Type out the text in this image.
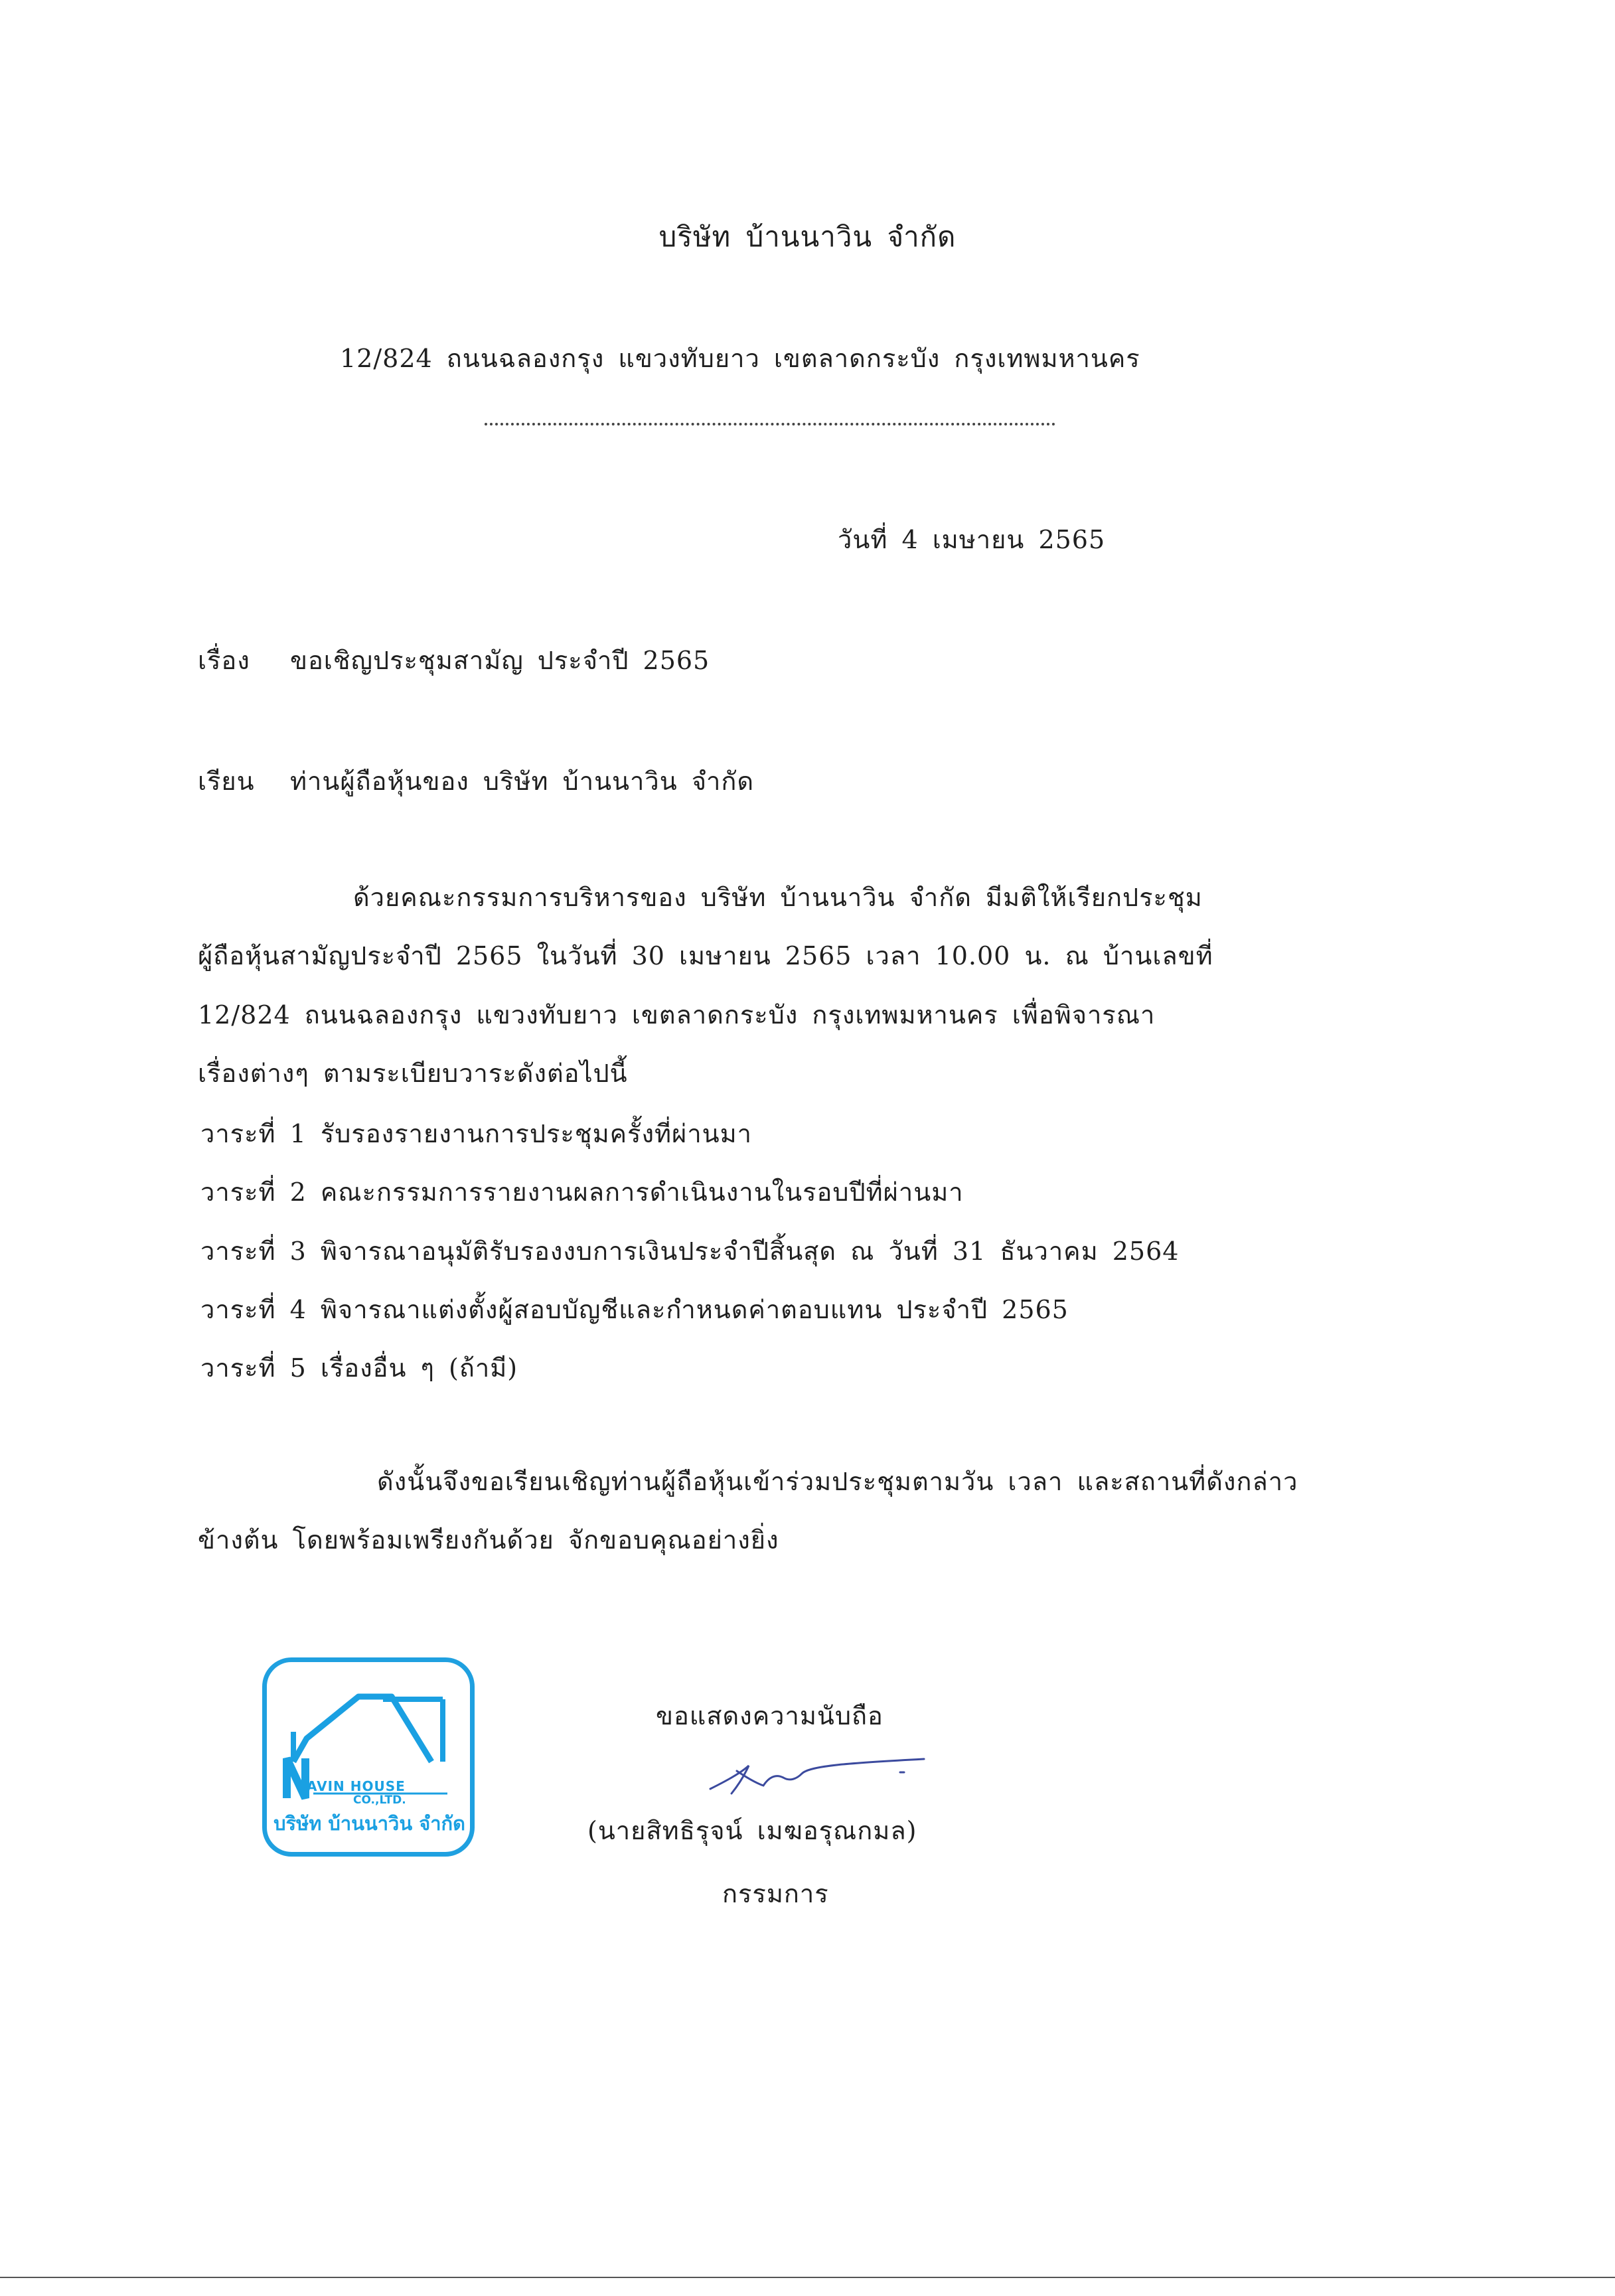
บริษัท บ้านนาวิน จำกัด
12/824 ถนนฉลองกรุง แขวงทับยาว เขตลาดกระบัง กรุงเทพมหานคร
วันที่ 4 เมษายน 2565
เรื่อง ขอเชิญประชุมสามัญ ประจำปี 2565
เรียน ท่านผู้ถือหุ้นของ บริษัท บ้านนาวิน จำกัด
ด้วยคณะกรรมการบริหารของ บริษัท บ้านนาวิน จำกัด มีมติให้เรียกประชุม
ผู้ถือหุ้นสามัญประจำปี 2565 ในวันที่ 30 เมษายน 2565 เวลา 10.00 น. ณ บ้านเลขที่
12/824 ถนนฉลองกรุง แขวงทับยาว เขตลาดกระบัง กรุงเทพมหานคร เพื่อพิจารณา
เรื่องต่างๆ ตามระเบียบวาระดังต่อไปนี้
วาระที่ 1 รับรองรายงานการประชุมครั้งที่ผ่านมา
วาระที่ 2 คณะกรรมการรายงานผลการดำเนินงานในรอบปีที่ผ่านมา
วาระที่ 3 พิจารณาอนุมัติรับรองงบการเงินประจำปีสิ้นสุด ณ วันที่ 31 ธันวาคม 2564
วาระที่ 4 พิจารณาแต่งตั้งผู้สอบบัญชีและกำหนดค่าตอบแทน ประจำปี 2565
วาระที่ 5 เรื่องอื่น ๆ (ถ้ามี)
ดังนั้นจึงขอเรียนเชิญท่านผู้ถือหุ้นเข้าร่วมประชุมตามวัน เวลา และสถานที่ดังกล่าว
ข้างต้น โดยพร้อมเพรียงกันด้วย จักขอบคุณอย่างยิ่ง
AVIN HOUSE
CO.,LTD.
บริษัท บ้านนาวิน จำกัด
ขอแสดงความนับถือ
(นายสิทธิรุจน์ เมฆอรุณกมล)
กรรมการ
